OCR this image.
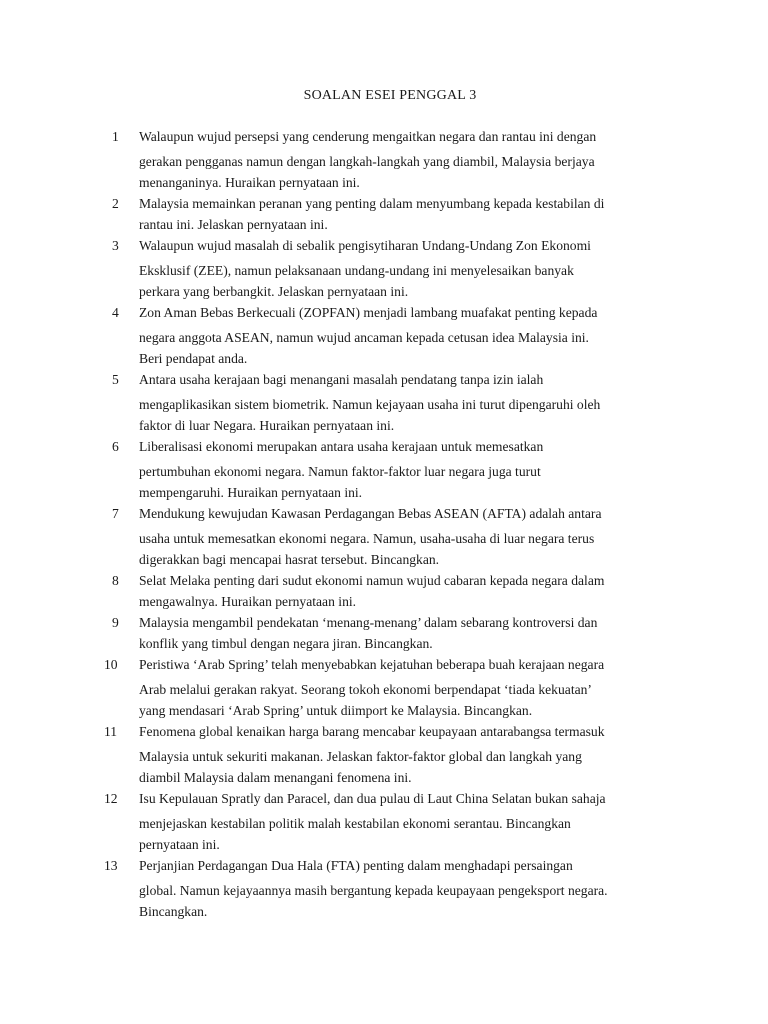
SOALAN ESEI PENGGAL 3
1	Walaupun wujud persepsi yang cenderung mengaitkan negara dan rantau ini dengan
gerakan pengganas namun dengan langkah-langkah yang diambil, Malaysia berjaya
menanganinya. Huraikan pernyataan ini.
2	Malaysia memainkan peranan yang penting dalam menyumbang kepada kestabilan di
rantau ini. Jelaskan pernyataan ini.
3	Walaupun wujud masalah di sebalik pengisytiharan Undang-Undang Zon Ekonomi
Eksklusif (ZEE), namun pelaksanaan undang-undang ini menyelesaikan banyak
perkara yang berbangkit. Jelaskan pernyataan ini.
4	Zon Aman Bebas Berkecuali (ZOPFAN) menjadi lambang muafakat penting kepada
negara anggota ASEAN, namun wujud ancaman kepada cetusan idea Malaysia ini.
Beri pendapat anda.
5	Antara usaha kerajaan bagi menangani masalah pendatang tanpa izin ialah
mengaplikasikan sistem biometrik. Namun kejayaan usaha ini turut dipengaruhi oleh
faktor di luar Negara. Huraikan pernyataan ini.
6	Liberalisasi ekonomi merupakan antara usaha kerajaan untuk memesatkan
pertumbuhan ekonomi negara. Namun faktor-faktor luar negara juga turut
mempengaruhi. Huraikan pernyataan ini.
7	Mendukung kewujudan Kawasan Perdagangan Bebas ASEAN (AFTA) adalah antara
usaha untuk memesatkan ekonomi negara. Namun, usaha-usaha di luar negara terus
digerakkan bagi mencapai hasrat tersebut. Bincangkan.
8	Selat Melaka penting dari sudut ekonomi namun wujud cabaran kepada negara dalam
mengawalnya. Huraikan pernyataan ini.
9	Malaysia mengambil pendekatan ‘menang-menang’ dalam sebarang kontroversi dan
konflik yang timbul dengan negara jiran. Bincangkan.
10	Peristiwa ‘Arab Spring’ telah menyebabkan kejatuhan beberapa buah kerajaan negara
Arab melalui gerakan rakyat. Seorang tokoh ekonomi berpendapat ‘tiada kekuatan’
yang mendasari ‘Arab Spring’ untuk diimport ke Malaysia. Bincangkan.
11	Fenomena global kenaikan harga barang mencabar keupayaan antarabangsa termasuk
Malaysia untuk sekuriti makanan. Jelaskan faktor-faktor global dan langkah yang
diambil Malaysia dalam menangani fenomena ini.
12	Isu Kepulauan Spratly dan Paracel, dan dua pulau di Laut China Selatan bukan sahaja
menjejaskan kestabilan politik malah kestabilan ekonomi serantau. Bincangkan
pernyataan ini.
13	Perjanjian Perdagangan Dua Hala (FTA) penting dalam menghadapi persaingan
global. Namun kejayaannya masih bergantung kepada keupayaan pengeksport negara.
Bincangkan.
